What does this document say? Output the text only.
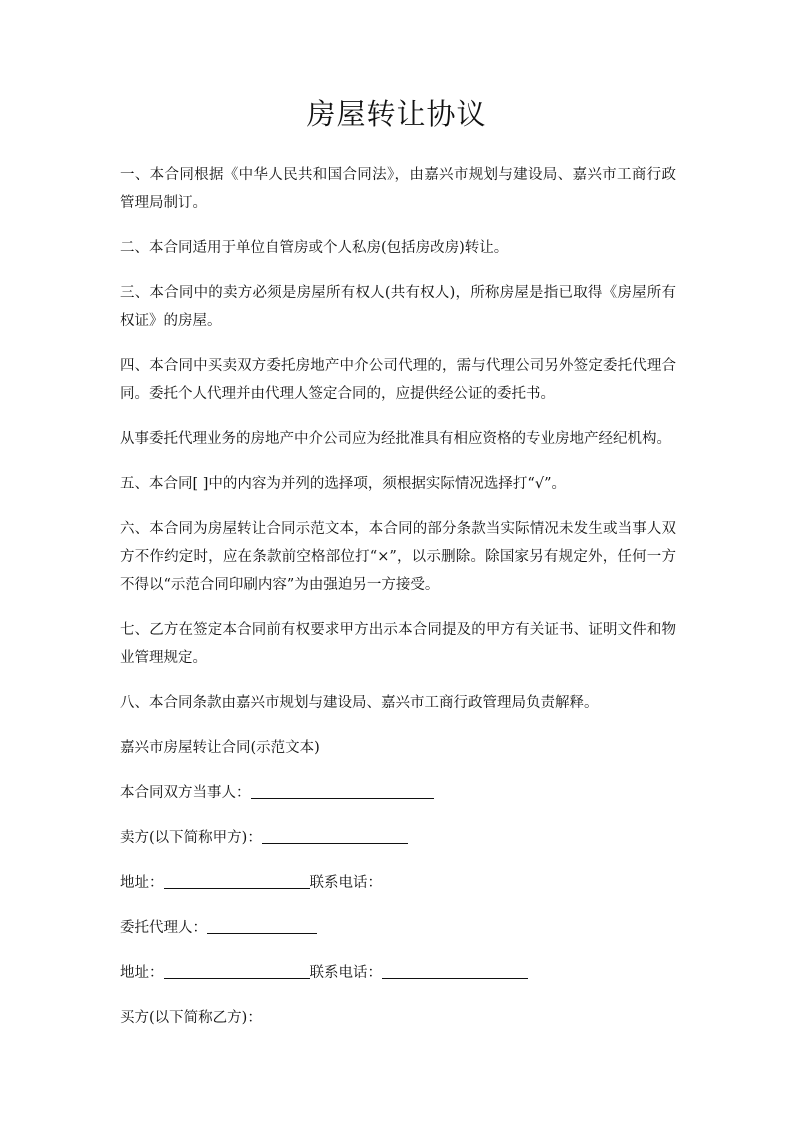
房屋转让协议

一、本合同根据《中华人民共和国合同法》，由嘉兴市规划与建设局、嘉兴市工商行政管理局制订。

二、本合同适用于单位自管房或个人私房(包括房改房)转让。

三、本合同中的卖方必须是房屋所有权人(共有权人)，所称房屋是指已取得《房屋所有权证》的房屋。

四、本合同中买卖双方委托房地产中介公司代理的，需与代理公司另外签定委托代理合同。委托个人代理并由代理人签定合同的，应提供经公证的委托书。

从事委托代理业务的房地产中介公司应为经批准具有相应资格的专业房地产经纪机构。

五、本合同[ ]中的内容为并列的选择项，须根据实际情况选择打“√”。

六、本合同为房屋转让合同示范文本，本合同的部分条款当实际情况未发生或当事人双方不作约定时，应在条款前空格部位打“×”，以示删除。除国家另有规定外，任何一方不得以“示范合同印刷内容”为由强迫另一方接受。

七、乙方在签定本合同前有权要求甲方出示本合同提及的甲方有关证书、证明文件和物业管理规定。

八、本合同条款由嘉兴市规划与建设局、嘉兴市工商行政管理局负责解释。

嘉兴市房屋转让合同(示范文本)

本合同双方当事人：

卖方(以下简称甲方)：

地址：	联系电话：

委托代理人：

地址：	联系电话：

买方(以下简称乙方)：
